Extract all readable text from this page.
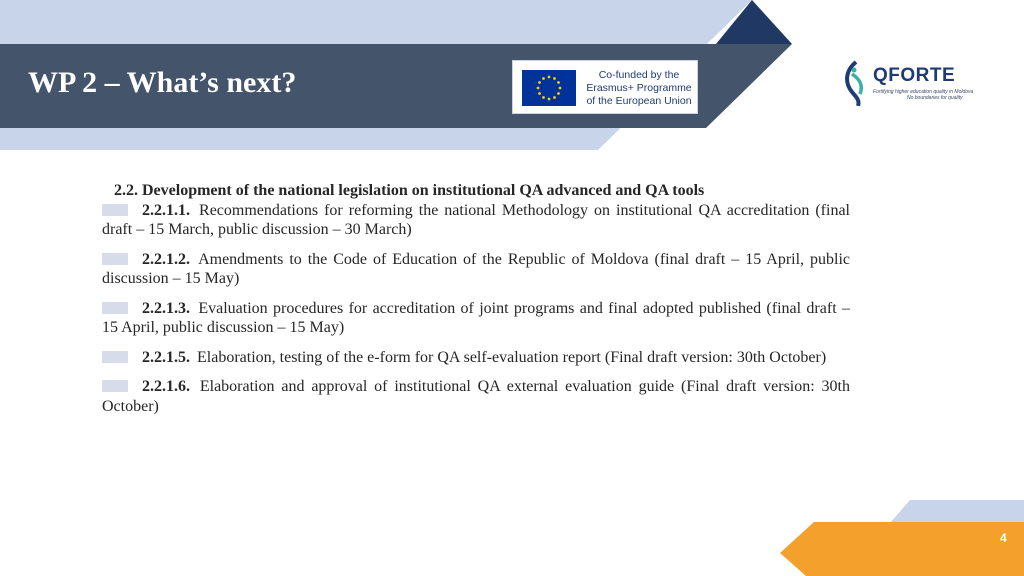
WP 2 – What’s next?	Co-funded by the
Erasmus+ Programme
of the European Union
QFORTE
Fortifying higher education quality in Moldova
No boundaries for quality
2.2. Development of the national legislation on institutional QA advanced and QA tools
2.2.1.1. Recommendations for reforming the national Methodology on institutional QA accreditation (final draft – 15 March, public discussion – 30 March)
2.2.1.2. Amendments to the Code of Education of the Republic of Moldova (final draft – 15 April, public discussion – 15 May)
2.2.1.3. Evaluation procedures for accreditation of joint programs and final adopted published (final draft – 15 April, public discussion – 15 May)
2.2.1.5. Elaboration, testing of the e-form for QA self-evaluation report (Final draft version: 30th October)
2.2.1.6. Elaboration and approval of institutional QA external evaluation guide (Final draft version: 30th October)
4
